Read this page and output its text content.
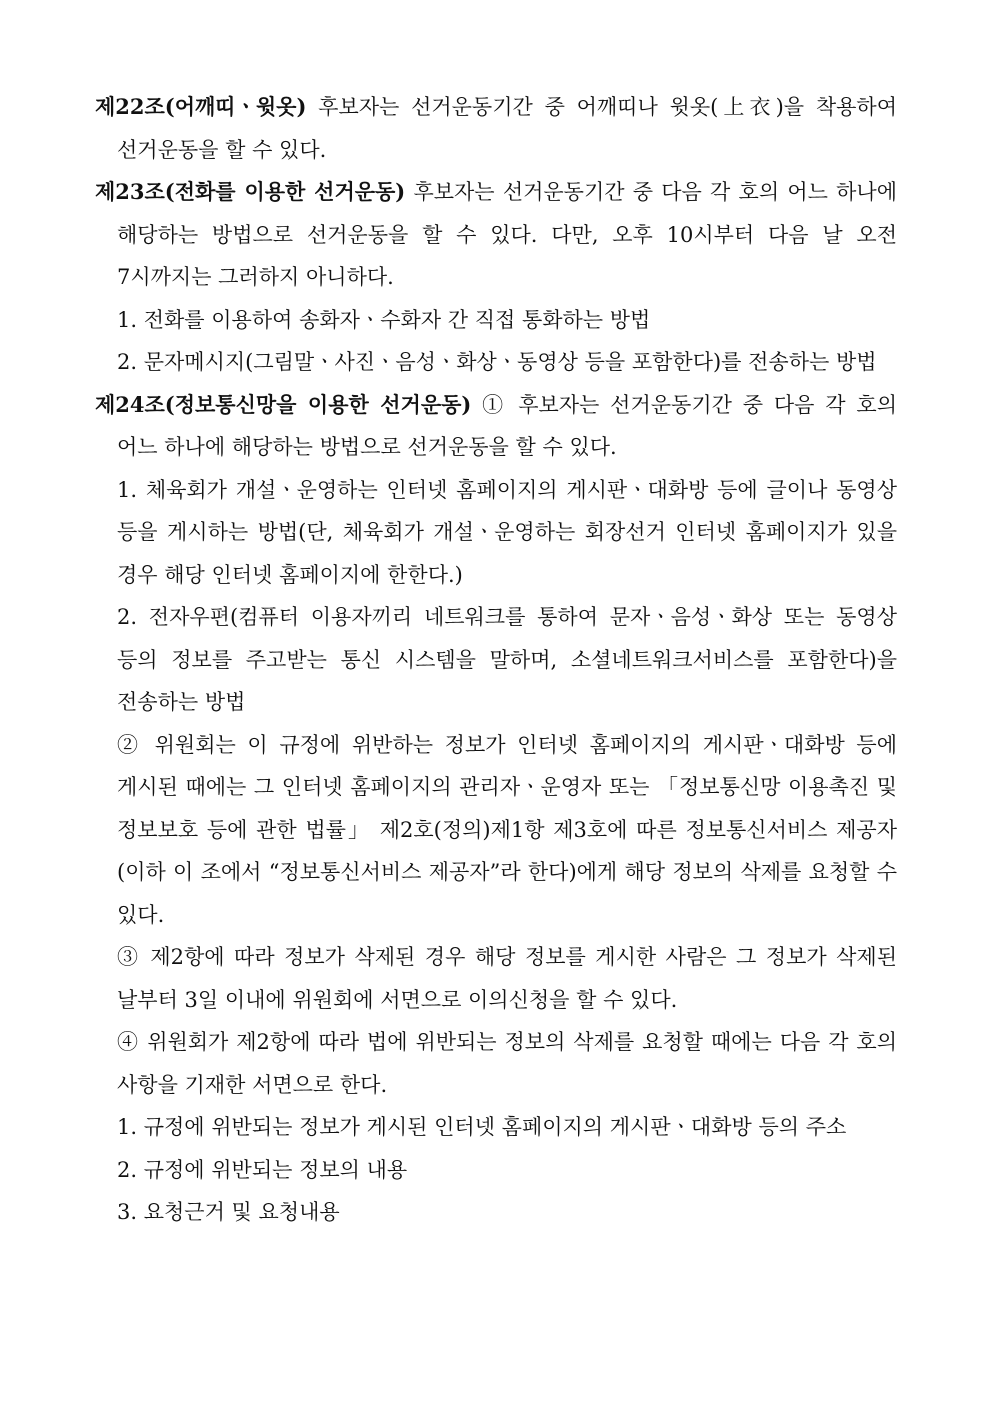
제22조(어깨띠ㆍ윗옷) 후보자는 선거운동기간 중 어깨띠나 윗옷(上衣)을 착용하여 선거운동을 할 수 있다.

제23조(전화를 이용한 선거운동) 후보자는 선거운동기간 중 다음 각 호의 어느 하나에 해당하는 방법으로 선거운동을 할 수 있다. 다만, 오후 10시부터 다음 날 오전 7시까지는 그러하지 아니하다.

1. 전화를 이용하여 송화자ㆍ수화자 간 직접 통화하는 방법

2. 문자메시지(그림말ㆍ사진ㆍ음성ㆍ화상ㆍ동영상 등을 포함한다)를 전송하는 방법

제24조(정보통신망을 이용한 선거운동) ① 후보자는 선거운동기간 중 다음 각 호의 어느 하나에 해당하는 방법으로 선거운동을 할 수 있다.

1. 체육회가 개설ㆍ운영하는 인터넷 홈페이지의 게시판ㆍ대화방 등에 글이나 동영상 등을 게시하는 방법(단, 체육회가 개설ㆍ운영하는 회장선거 인터넷 홈페이지가 있을 경우 해당 인터넷 홈페이지에 한한다.)

2. 전자우편(컴퓨터 이용자끼리 네트워크를 통하여 문자ㆍ음성ㆍ화상 또는 동영상 등의 정보를 주고받는 통신 시스템을 말하며, 소셜네트워크서비스를 포함한다)을 전송하는 방법

② 위원회는 이 규정에 위반하는 정보가 인터넷 홈페이지의 게시판ㆍ대화방 등에 게시된 때에는 그 인터넷 홈페이지의 관리자ㆍ운영자 또는 「정보통신망 이용촉진 및 정보보호 등에 관한 법률」 제2호(정의)제1항 제3호에 따른 정보통신서비스 제공자(이하 이 조에서 “정보통신서비스 제공자”라 한다)에게 해당 정보의 삭제를 요청할 수 있다.

③ 제2항에 따라 정보가 삭제된 경우 해당 정보를 게시한 사람은 그 정보가 삭제된 날부터 3일 이내에 위원회에 서면으로 이의신청을 할 수 있다.

④ 위원회가 제2항에 따라 법에 위반되는 정보의 삭제를 요청할 때에는 다음 각 호의 사항을 기재한 서면으로 한다.

1. 규정에 위반되는 정보가 게시된 인터넷 홈페이지의 게시판ㆍ대화방 등의 주소

2. 규정에 위반되는 정보의 내용

3. 요청근거 및 요청내용
